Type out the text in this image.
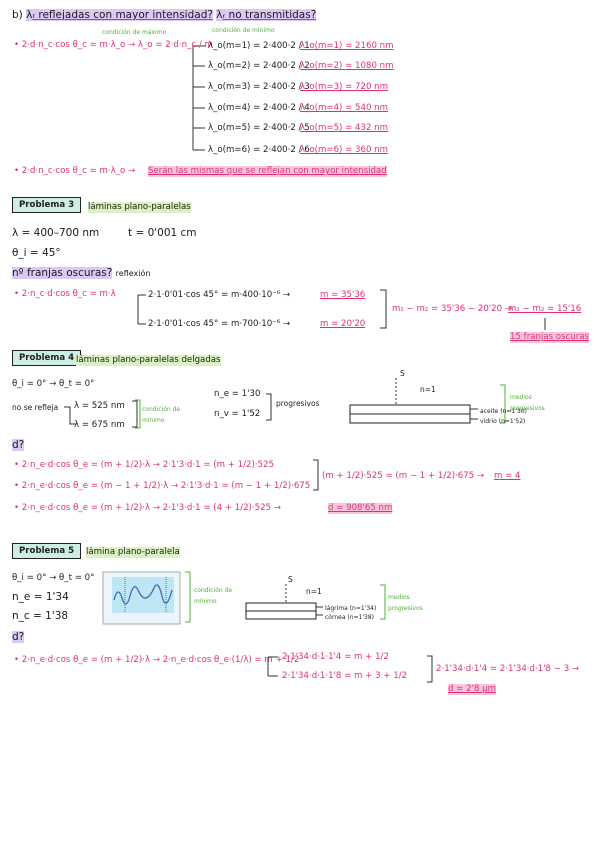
b) λᵣ reflejadas con mayor intensidad? λᵣ no transmitidas?
condición de máximo	condición de mínimo
• 2·d·n_c·cos θ_c = m·λ_o → λ_o = 2·d·n_c / m
λ_o(m=1) = 2·400·2 / 1
λ_o(m=1) = 2160 nm
λ_o(m=2) = 2·400·2 / 2
λ_o(m=2) = 1080 nm
λ_o(m=3) = 2·400·2 / 3
λ_o(m=3) = 720 nm
λ_o(m=4) = 2·400·2 / 4
λ_o(m=4) = 540 nm
λ_o(m=5) = 2·400·2 / 5
λ_o(m=5) = 432 nm
λ_o(m=6) = 2·400·2 / 6
λ_o(m=6) = 360 nm
• 2·d·n_c·cos θ_c = m·λ_o → Serán las mismas que se reflejan con mayor intensidad
Problema 3	láminas plano-paralelas
λ = 400–700 nm	t = 0'001 cm
θ_i = 45°
nº franjas oscuras? reflexión
• 2·n_c·d·cos θ_c = m·λ	2·1·0'01·cos 45° = m·400·10⁻⁶ →	m = 35'36
2·1·0'01·cos 45° = m·700·10⁻⁶ →	m = 20'20
m₁ − m₂ = 35'36 − 20'20 →
m₁ − m₂ = 15'16
15 franjas oscuras
Problema 4 láminas plano-paralelas delgadas
θ_i = 0° → θ_t = 0°
no se refleja λ = 525 nm
λ = 675 nm
condición de mínimo
n_e = 1'30
n_v = 1'52
progresivos
S
n=1
aceite (n=1'30)
vidrio (n=1'52)
medios progresivos
d?
• 2·n_e·d·cos θ_e = (m + 1/2)·λ → 2·1'3·d·1 = (m + 1/2)·525
• 2·n_e·d·cos θ_e = (m − 1 + 1/2)·λ → 2·1'3·d·1 = (m − 1 + 1/2)·675
(m + 1/2)·525 = (m − 1 + 1/2)·675 → m = 4
• 2·n_e·d·cos θ_e = (m + 1/2)·λ → 2·1'3·d·1 = (4 + 1/2)·525 →	d = 908'65 nm
Problema 5	lámina plano-paralela
θ_i = 0° → θ_t = 0°
n_e = 1'34
n_c = 1'38
condición de mínimo
S
n=1
lágrima (n=1'34)
córnea (n=1'38)
medios progresivos
d?
• 2·n_e·d·cos θ_e = (m + 1/2)·λ → 2·n_e·d·cos θ_e·(1/λ) = m + 1/2
2·1'34·d·1·1'4 = m + 1/2
2·1'34·d·1·1'8 = m + 3 + 1/2
2·1'34·d·1'4 = 2·1'34·d·1'8 − 3 →
d = 2'8 μm
